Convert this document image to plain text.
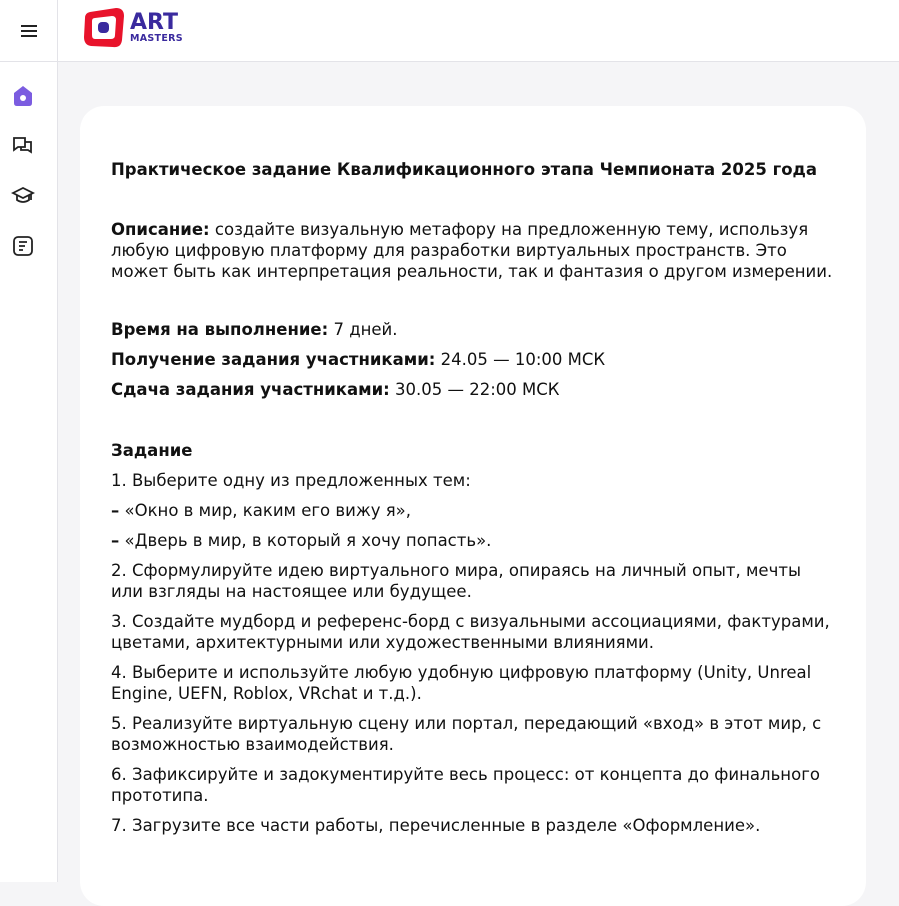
ART
MASTERS
Практическое задание Квалификационного этапа Чемпионата 2025 года

Описание: создайте визуальную метафору на предложенную тему, используя любую цифровую платформу для разработки виртуальных пространств. Это может быть как интерпретация реальности, так и фантазия о другом измерении.

Время на выполнение: 7 дней.

Получение задания участниками: 24.05 — 10:00 МСК

Сдача задания участниками: 30.05 — 22:00 МСК

Задание

1. Выберите одну из предложенных тем:

– «Окно в мир, каким его вижу я»,

– «Дверь в мир, в который я хочу попасть».

2. Сформулируйте идею виртуального мира, опираясь на личный опыт, мечты или взгляды на настоящее или будущее.

3. Создайте мудборд и референс-борд с визуальными ассоциациями, фактурами, цветами, архитектурными или художественными влияниями.

4. Выберите и используйте любую удобную цифровую платформу (Unity, Unreal Engine, UEFN, Roblox, VRchat и т.д.).

5. Реализуйте виртуальную сцену или портал, передающий «вход» в этот мир, с возможностью взаимодействия.

6. Зафиксируйте и задокументируйте весь процесс: от концепта до финального прототипа.

7. Загрузите все части работы, перечисленные в разделе «Оформление».
